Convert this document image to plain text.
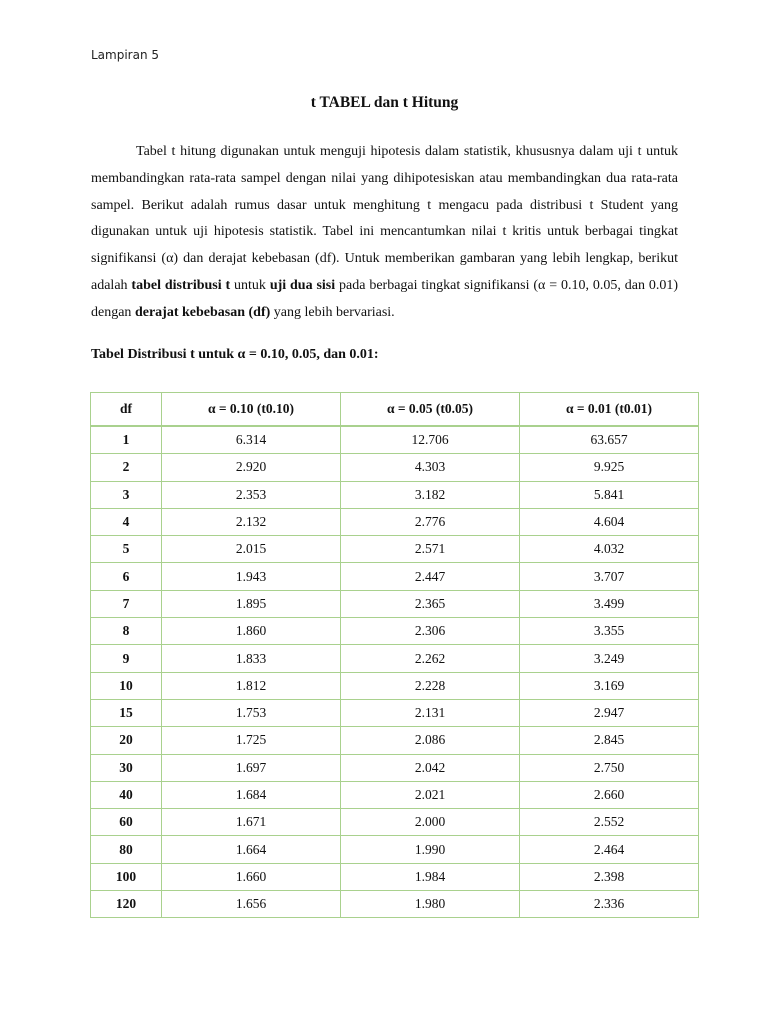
Lampiran 5
t TABEL dan t Hitung

Tabel t hitung digunakan untuk menguji hipotesis dalam statistik, khususnya dalam uji t untuk membandingkan rata-rata sampel dengan nilai yang dihipotesiskan atau membandingkan dua rata-rata sampel. Berikut adalah rumus dasar untuk menghitung t mengacu pada distribusi t Student yang digunakan untuk uji hipotesis statistik. Tabel ini mencantumkan nilai t kritis untuk berbagai tingkat signifikansi (α) dan derajat kebebasan (df). Untuk memberikan gambaran yang lebih lengkap, berikut adalah tabel distribusi t untuk uji dua sisi pada berbagai tingkat signifikansi (α = 0.10, 0.05, dan 0.01) dengan derajat kebebasan (df) yang lebih bervariasi.

Tabel Distribusi t untuk α = 0.10, 0.05, dan 0.01:
df	α = 0.10 (t0.10)	α = 0.05 (t0.05)	α = 0.01 (t0.01)
1	6.314	12.706	63.657
2	2.920	4.303	9.925
3	2.353	3.182	5.841
4	2.132	2.776	4.604
5	2.015	2.571	4.032
6	1.943	2.447	3.707
7	1.895	2.365	3.499
8	1.860	2.306	3.355
9	1.833	2.262	3.249
10	1.812	2.228	3.169
15	1.753	2.131	2.947
20	1.725	2.086	2.845
30	1.697	2.042	2.750
40	1.684	2.021	2.660
60	1.671	2.000	2.552
80	1.664	1.990	2.464
100	1.660	1.984	2.398
120	1.656	1.980	2.336
